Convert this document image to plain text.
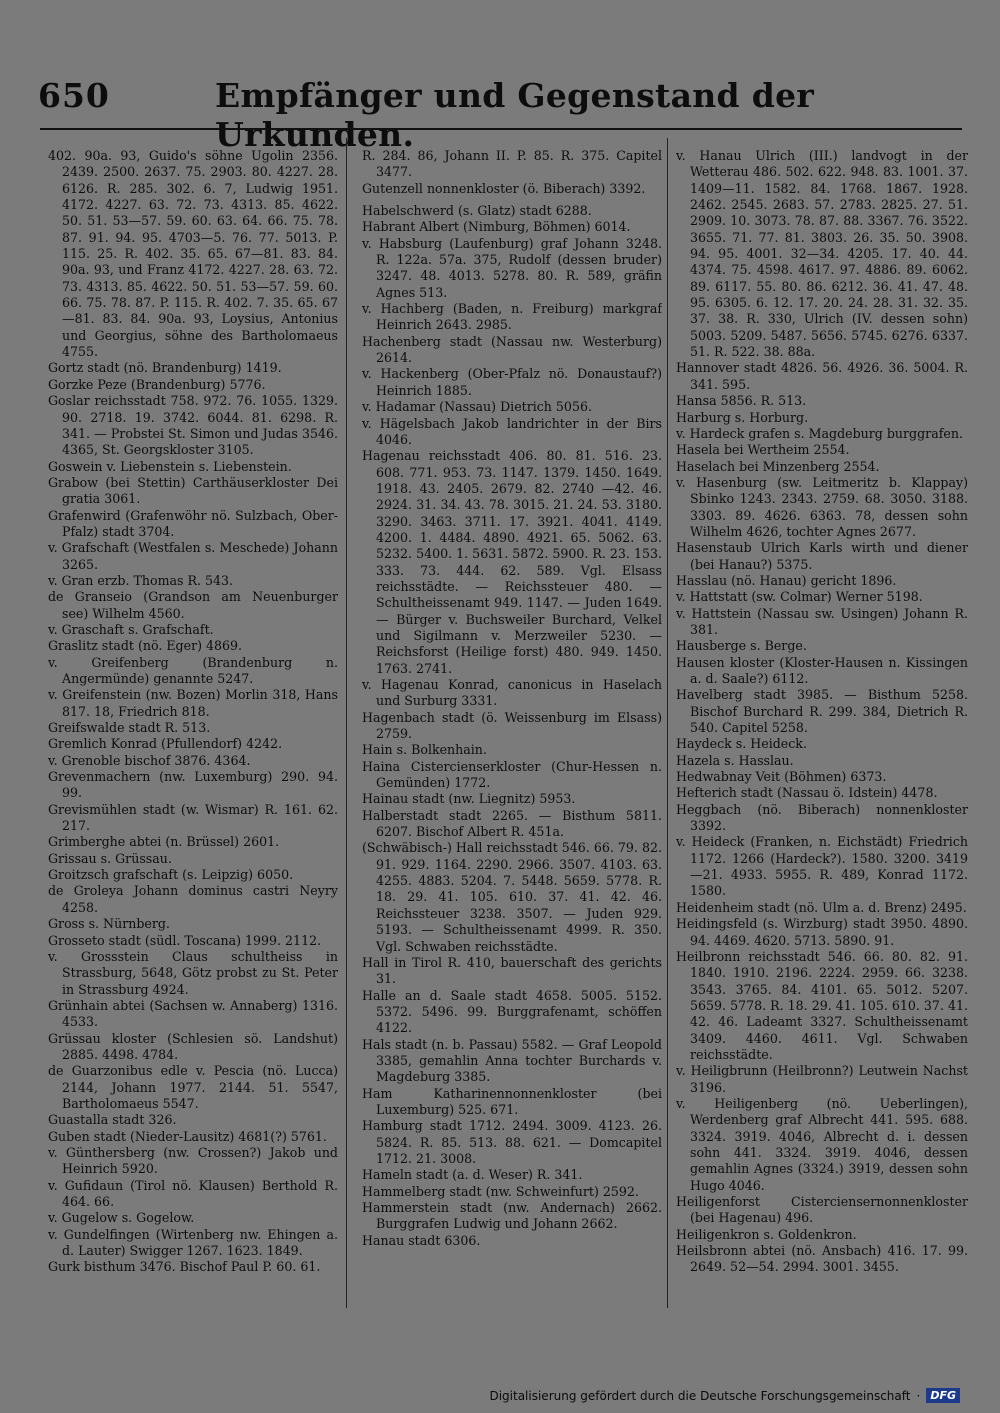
650	Empfänger und Gegenstand der Urkunden.

402. 90a. 93, Guido's söhne Ugolin 2356. 2439. 2500. 2637. 75. 2903. 80. 4227. 28. 6126. R. 285. 302. 6. 7, Ludwig 1951. 4172. 4227. 63. 72. 73. 4313. 85. 4622. 50. 51. 53—57. 59. 60. 63. 64. 66. 75. 78. 87. 91. 94. 95. 4703—5. 76. 77. 5013. P. 115. 25. R. 402. 35. 65. 67—81. 83. 84. 90a. 93, und Franz 4172. 4227. 28. 63. 72. 73. 4313. 85. 4622. 50. 51. 53—57. 59. 60. 66. 75. 78. 87. P. 115. R. 402. 7. 35. 65. 67 —81. 83. 84. 90a. 93, Loysius, Antonius und Georgius, söhne des Bartholomaeus 4755.

Gortz stadt (nö. Brandenburg) 1419.

Gorzke Peze (Brandenburg) 5776.

Goslar reichsstadt 758. 972. 76. 1055. 1329. 90. 2718. 19. 3742. 6044. 81. 6298. R. 341. — Probstei St. Simon und Judas 3546. 4365, St. Georgskloster 3105.

Goswein v. Liebenstein s. Liebenstein.

Grabow (bei Stettin) Carthäuserkloster Dei gratia 3061.

Grafenwird (Grafenwöhr nö. Sulzbach, Ober-Pfalz) stadt 3704.

v. Grafschaft (Westfalen s. Meschede) Johann 3265.

v. Gran erzb. Thomas R. 543.

de Granseio (Grandson am Neuenburger see) Wilhelm 4560.

v. Graschaft s. Grafschaft.

Graslitz stadt (nö. Eger) 4869.

v. Greifenberg (Brandenburg n. Angermünde) genannte 5247.

v. Greifenstein (nw. Bozen) Morlin 318, Hans 817. 18, Friedrich 818.

Greifswalde stadt R. 513.

Gremlich Konrad (Pfullendorf) 4242.

v. Grenoble bischof 3876. 4364.

Grevenmachern (nw. Luxemburg) 290. 94. 99.

Grevismühlen stadt (w. Wismar) R. 161. 62. 217.

Grimberghe abtei (n. Brüssel) 2601.

Grissau s. Grüssau.

Groitzsch grafschaft (s. Leipzig) 6050.

de Groleya Johann dominus castri Neyry 4258.

Gross s. Nürnberg.

Grosseto stadt (südl. Toscana) 1999. 2112.

v. Grossstein Claus schultheiss in Strassburg, 5648, Götz probst zu St. Peter in Strassburg 4924.

Grünhain abtei (Sachsen w. Annaberg) 1316. 4533.

Grüssau kloster (Schlesien sö. Landshut) 2885. 4498. 4784.

de Guarzonibus edle v. Pescia (nö. Lucca) 2144, Johann 1977. 2144. 51. 5547, Bartholomaeus 5547.

Guastalla stadt 326.

Guben stadt (Nieder-Lausitz) 4681(?) 5761.

v. Günthersberg (nw. Crossen?) Jakob und Heinrich 5920.

v. Gufidaun (Tirol nö. Klausen) Berthold R. 464. 66.

v. Gugelow s. Gogelow.

v. Gundelfingen (Wirtenberg nw. Ehingen a. d. Lauter) Swigger 1267. 1623. 1849.

Gurk bisthum 3476. Bischof Paul P. 60. 61.

R. 284. 86, Johann II. P. 85. R. 375. Capitel 3477.

Gutenzell nonnenkloster (ö. Biberach) 3392.

Habelschwerd (s. Glatz) stadt 6288.

Habrant Albert (Nimburg, Böhmen) 6014.

v. Habsburg (Laufenburg) graf Johann 3248. R. 122a. 57a. 375, Rudolf (dessen bruder) 3247. 48. 4013. 5278. 80. R. 589, gräfin Agnes 513.

v. Hachberg (Baden, n. Freiburg) markgraf Heinrich 2643. 2985.

Hachenberg stadt (Nassau nw. Westerburg) 2614.

v. Hackenberg (Ober-Pfalz nö. Donaustauf?) Heinrich 1885.

v. Hadamar (Nassau) Dietrich 5056.

v. Hägelsbach Jakob landrichter in der Birs 4046.

Hagenau reichsstadt 406. 80. 81. 516. 23. 608. 771. 953. 73. 1147. 1379. 1450. 1649. 1918. 43. 2405. 2679. 82. 2740 —42. 46. 2924. 31. 34. 43. 78. 3015. 21. 24. 53. 3180. 3290. 3463. 3711. 17. 3921. 4041. 4149. 4200. 1. 4484. 4890. 4921. 65. 5062. 63. 5232. 5400. 1. 5631. 5872. 5900. R. 23. 153. 333. 73. 444. 62. 589. Vgl. Elsass reichsstädte. — Reichssteuer 480. — Schultheissenamt 949. 1147. — Juden 1649. — Bürger v. Buchsweiler Burchard, Velkel und Sigilmann v. Merzweiler 5230. — Reichsforst (Heilige forst) 480. 949. 1450. 1763. 2741.

v. Hagenau Konrad, canonicus in Haselach und Surburg 3331.

Hagenbach stadt (ö. Weissenburg im Elsass) 2759.

Hain s. Bolkenhain.

Haina Cistercienserkloster (Chur-Hessen n. Gemünden) 1772.

Hainau stadt (nw. Liegnitz) 5953.

Halberstadt stadt 2265. — Bisthum 5811. 6207. Bischof Albert R. 451a.

(Schwäbisch-) Hall reichsstadt 546. 66. 79. 82. 91. 929. 1164. 2290. 2966. 3507. 4103. 63. 4255. 4883. 5204. 7. 5448. 5659. 5778. R. 18. 29. 41. 105. 610. 37. 41. 42. 46. Reichssteuer 3238. 3507. — Juden 929. 5193. — Schultheissenamt 4999. R. 350. Vgl. Schwaben reichsstädte.

Hall in Tirol R. 410, bauerschaft des gerichts 31.

Halle an d. Saale stadt 4658. 5005. 5152. 5372. 5496. 99. Burggrafenamt, schöffen 4122.

Hals stadt (n. b. Passau) 5582. — Graf Leopold 3385, gemahlin Anna tochter Burchards v. Magdeburg 3385.

Ham Katharinennonnenkloster (bei Luxemburg) 525. 671.

Hamburg stadt 1712. 2494. 3009. 4123. 26. 5824. R. 85. 513. 88. 621. — Domcapitel 1712. 21. 3008.

Hameln stadt (a. d. Weser) R. 341.

Hammelberg stadt (nw. Schweinfurt) 2592.

Hammerstein stadt (nw. Andernach) 2662. Burggrafen Ludwig und Johann 2662.

Hanau stadt 6306.

v. Hanau Ulrich (III.) landvogt in der Wetterau 486. 502. 622. 948. 83. 1001. 37. 1409—11. 1582. 84. 1768. 1867. 1928. 2462. 2545. 2683. 57. 2783. 2825. 27. 51. 2909. 10. 3073. 78. 87. 88. 3367. 76. 3522. 3655. 71. 77. 81. 3803. 26. 35. 50. 3908. 94. 95. 4001. 32—34. 4205. 17. 40. 44. 4374. 75. 4598. 4617. 97. 4886. 89. 6062. 89. 6117. 55. 80. 86. 6212. 36. 41. 47. 48. 95. 6305. 6. 12. 17. 20. 24. 28. 31. 32. 35. 37. 38. R. 330, Ulrich (IV. dessen sohn) 5003. 5209. 5487. 5656. 5745. 6276. 6337. 51. R. 522. 38. 88a.

Hannover stadt 4826. 56. 4926. 36. 5004. R. 341. 595.

Hansa 5856. R. 513.

Harburg s. Horburg.

v. Hardeck grafen s. Magdeburg burggrafen.

Hasela bei Wertheim 2554.

Haselach bei Minzenberg 2554.

v. Hasenburg (sw. Leitmeritz b. Klappay) Sbinko 1243. 2343. 2759. 68. 3050. 3188. 3303. 89. 4626. 6363. 78, dessen sohn Wilhelm 4626, tochter Agnes 2677.

Hasenstaub Ulrich Karls wirth und diener (bei Hanau?) 5375.

Hasslau (nö. Hanau) gericht 1896.

v. Hattstatt (sw. Colmar) Werner 5198.

v. Hattstein (Nassau sw. Usingen) Johann R. 381.

Hausberge s. Berge.

Hausen kloster (Kloster-Hausen n. Kissingen a. d. Saale?) 6112.

Havelberg stadt 3985. — Bisthum 5258. Bischof Burchard R. 299. 384, Dietrich R. 540. Capitel 5258.

Haydeck s. Heideck.

Hazela s. Hasslau.

Hedwabnay Veit (Böhmen) 6373.

Hefterich stadt (Nassau ö. Idstein) 4478.

Heggbach (nö. Biberach) nonnenkloster 3392.

v. Heideck (Franken, n. Eichstädt) Friedrich 1172. 1266 (Hardeck?). 1580. 3200. 3419—21. 4933. 5955. R. 489, Konrad 1172. 1580.

Heidenheim stadt (nö. Ulm a. d. Brenz) 2495.

Heidingsfeld (s. Wirzburg) stadt 3950. 4890. 94. 4469. 4620. 5713. 5890. 91.

Heilbronn reichsstadt 546. 66. 80. 82. 91. 1840. 1910. 2196. 2224. 2959. 66. 3238. 3543. 3765. 84. 4101. 65. 5012. 5207. 5659. 5778. R. 18. 29. 41. 105. 610. 37. 41. 42. 46. Ladeamt 3327. Schultheissenamt 3409. 4460. 4611. Vgl. Schwaben reichsstädte.

v. Heiligbrunn (Heilbronn?) Leutwein Nachst 3196.

v. Heiligenberg (nö. Ueberlingen), Werdenberg graf Albrecht 441. 595. 688. 3324. 3919. 4046, Albrecht d. i. dessen sohn 441. 3324. 3919. 4046, dessen gemahlin Agnes (3324.) 3919, dessen sohn Hugo 4046.

Heiligenforst Cisterciensernonnenkloster (bei Hagenau) 496.

Heiligenkron s. Goldenkron.

Heilsbronn abtei (nö. Ansbach) 416. 17. 99. 2649. 52—54. 2994. 3001. 3455.

Digitalisierung gefördert durch die Deutsche Forschungsgemeinschaft · DFG
